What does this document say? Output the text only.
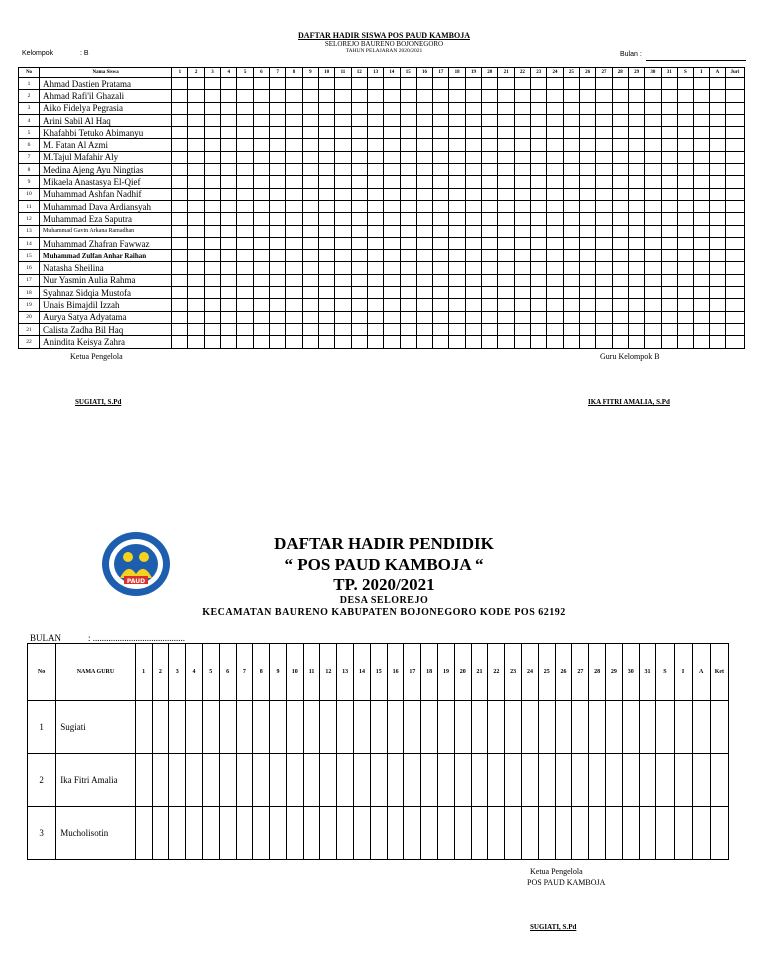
DAFTAR HADIR SISWA POS PAUD KAMBOJA
SELOREJO BAURENO BOJONEGORO
TAHUN PELAJARAN 2020/2021
Kelompok	: B	Bulan :
No	Nama Siswa	1	2	3	4	5	6	7	8	9	10	11	12	13	14	15	16	17	18	19	20	21	22	23	24	25	26	27	28	29	30	31	S	I	A	Juri
1	Ahmad Dastien Pratama																																			
2	Ahmad Rafi'il Ghazali																																			
3	Aiko Fidelya Pegrasia																																			
4	Arini Sabil Al Haq																																			
5	Khafahbi Tetuko Abimanyu																																			
6	M. Fatan Al Azmi																																			
7	M.Tajul Mafahir Aly																																			
8	Medina Ajeng Ayu Ningtias																																			
9	Mikaela Anastasya El-Qief																																			
10	Muhammad Ashfan Nadhif																																			
11	Muhammad Dava Ardiansyah																																			
12	Muhammad Eza Saputra																																			
13	Muhammad Gavin Arkana Ramadhan																																			
14	Muhammad Zhafran Fawwaz																																			
15	Muhammad Zulfan Anhar Raihan																																			
16	Natasha Sheilina																																			
17	Nur Yasmin Aulia Rahma																																			
18	Syahnaz Sidqia Mustofa																																			
19	Unais Bimajdil Izzah																																			
20	Aurya Satya Adyatama																																			
21	Calista Zadha Bil Haq																																			
22	Anindita Keisya Zahra																																			
Ketua Pengelola	Guru Kelompok B
SUGIATI, S.Pd	IKA FITRI AMALIA, S.Pd
PAUD
DAFTAR HADIR PENDIDIK
“ POS PAUD KAMBOJA “
TP. 2020/2021
DESA SELOREJO
KECAMATAN BAURENO KABUPATEN BOJONEGORO KODE POS 62192
BULAN	: .........................................
No	NAMA GURU	1	2	3	4	5	6	7	8	9	10	11	12	13	14	15	16	17	18	19	20	21	22	23	24	25	26	27	28	29	30	31	S	I	A	Ket
1	Sugiati																																			
2	Ika Fitri Amalia																																			
3	Mucholisotin																																			
Ketua Pengelola
POS PAUD KAMBOJA
SUGIATI, S.Pd
